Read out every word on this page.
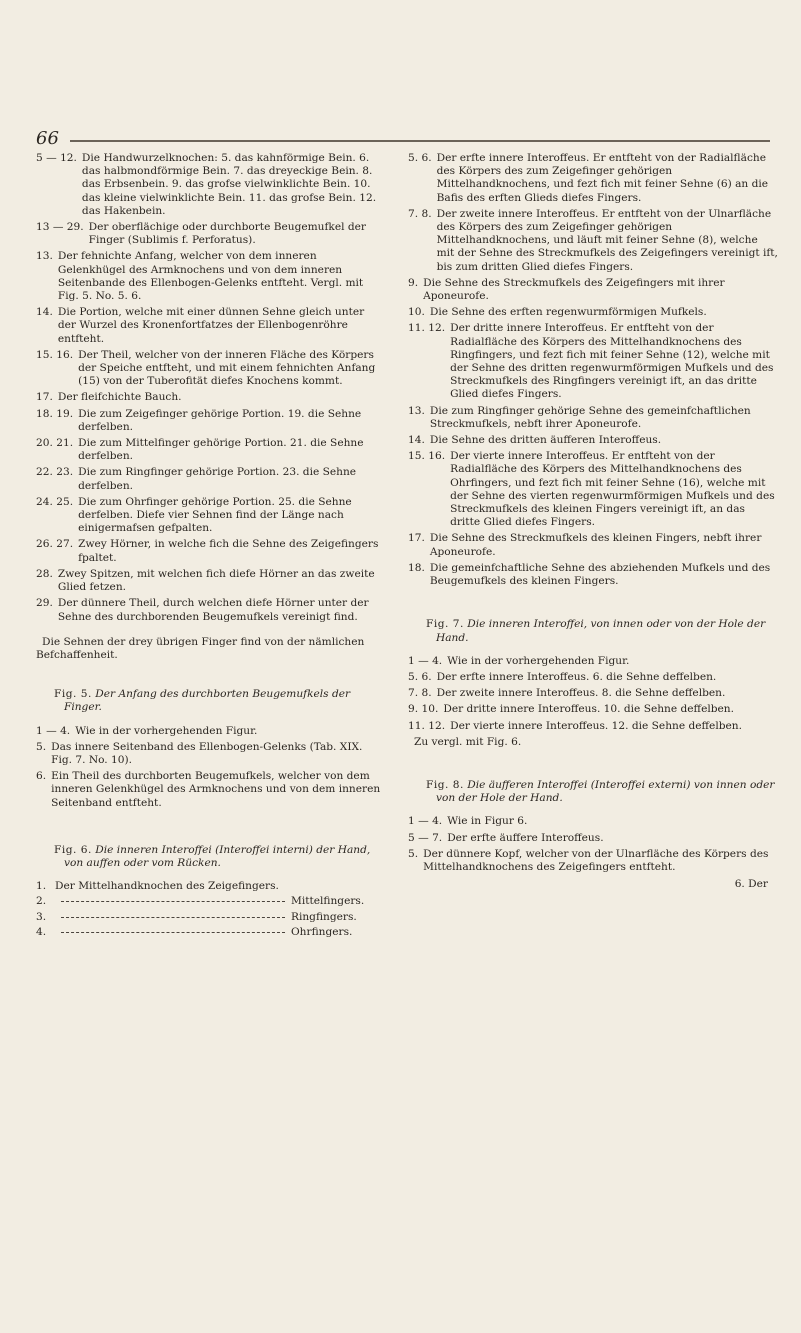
66
5 — 12. Die Handwurzelknochen: 5. das kahnförmige Bein. 6. das halbmondförmige Bein. 7. das dreyeckige Bein. 8. das Erbsenbein. 9. das grofse vielwinklichte Bein. 10. das kleine vielwinklichte Bein. 11. das grofse Bein. 12. das Hakenbein.
13 — 29. Der oberflächige oder durchborte Beugemufkel der Finger (Sublimis f. Perforatus).
13. Der fehnichte Anfang, welcher von dem inneren Gelenkhügel des Armknochens und von dem inneren Seitenbande des Ellenbogen-Gelenks entfteht. Vergl. mit Fig. 5. No. 5. 6.
14. Die Portion, welche mit einer dünnen Sehne gleich unter der Wurzel des Kronenfortfatzes der Ellenbogenröhre entfteht.
15. 16. Der Theil, welcher von der inneren Fläche des Körpers der Speiche entfteht, und mit einem fehnichten Anfang (15) von der Tuberofität diefes Knochens kommt.
17. Der fleifchichte Bauch.
18. 19. Die zum Zeigefinger gehörige Portion. 19. die Sehne derfelben.
20. 21. Die zum Mittelfinger gehörige Portion. 21. die Sehne derfelben.
22. 23. Die zum Ringfinger gehörige Portion. 23. die Sehne derfelben.
24. 25. Die zum Ohrfinger gehörige Portion. 25. die Sehne derfelben. Diefe vier Sehnen find der Länge nach einigermafsen gefpalten.
26. 27. Zwey Hörner, in welche fich die Sehne des Zeigefingers fpaltet.
28. Zwey Spitzen, mit welchen fich diefe Hörner an das zweite Glied fetzen.
29. Der dünnere Theil, durch welchen diefe Hörner unter der Sehne des durchborenden Beugemufkels vereinigt find.
Die Sehnen der drey übrigen Finger find von der nämlichen Befchaffenheit.
Fig. 5. Der Anfang des durchborten Beugemufkels der Finger.
1 — 4. Wie in der vorhergehenden Figur.
5. Das innere Seitenband des Ellenbogen-Gelenks (Tab. XIX. Fig. 7. No. 10).
6. Ein Theil des durchborten Beugemufkels, welcher von dem inneren Gelenkhügel des Armknochens und von dem inneren Seitenband entfteht.
Fig. 6. Die inneren Interoffei (Interoffei interni) der Hand, von auffen oder vom Rücken.
1. Der Mittelhandknochen des Zeigefingers.
2.	Mittelfingers.
3.	Ringfingers.
4.	Ohrfingers.
5. 6. Der erfte innere Interoffeus. Er entfteht von der Radialfläche des Körpers des zum Zeigefinger gehörigen Mittelhandknochens, und fezt fich mit feiner Sehne (6) an die Bafis des erften Glieds diefes Fingers.
7. 8. Der zweite innere Interoffeus. Er entfteht von der Ulnarfläche des Körpers des zum Zeigefinger gehörigen Mittelhandknochens, und läuft mit feiner Sehne (8), welche mit der Sehne des Streckmufkels des Zeigefingers vereinigt ift, bis zum dritten Glied diefes Fingers.
9. Die Sehne des Streckmufkels des Zeigefingers mit ihrer Aponeurofe.
10. Die Sehne des erften regenwurmförmigen Mufkels.
11. 12. Der dritte innere Interoffeus. Er entfteht von der Radialfläche des Körpers des Mittelhandknochens des Ringfingers, und fezt fich mit feiner Sehne (12), welche mit der Sehne des dritten regenwurmförmigen Mufkels und des Streckmufkels des Ringfingers vereinigt ift, an das dritte Glied diefes Fingers.
13. Die zum Ringfinger gehörige Sehne des gemeinfchaftlichen Streckmufkels, nebft ihrer Aponeurofe.
14. Die Sehne des dritten äufferen Interoffeus.
15. 16. Der vierte innere Interoffeus. Er entfteht von der Radialfläche des Körpers des Mittelhandknochens des Ohrfingers, und fezt fich mit feiner Sehne (16), welche mit der Sehne des vierten regenwurmförmigen Mufkels und des Streckmufkels des kleinen Fingers vereinigt ift, an das dritte Glied diefes Fingers.
17. Die Sehne des Streckmufkels des kleinen Fingers, nebft ihrer Aponeurofe.
18. Die gemeinfchaftliche Sehne des abziehenden Mufkels und des Beugemufkels des kleinen Fingers.
Fig. 7. Die inneren Interoffei, von innen oder von der Hole der Hand.
1 — 4. Wie in der vorhergehenden Figur.
5. 6. Der erfte innere Interoffeus. 6. die Sehne deffelben.
7. 8. Der zweite innere Interoffeus. 8. die Sehne deffelben.
9. 10. Der dritte innere Interoffeus. 10. die Sehne deffelben.
11. 12. Der vierte innere Interoffeus. 12. die Sehne deffelben.
Zu vergl. mit Fig. 6.
Fig. 8. Die äufferen Interoffei (Interoffei externi) von innen oder von der Hole der Hand.
1 — 4. Wie in Figur 6.
5 — 7. Der erfte äuffere Interoffeus.
5. Der dünnere Kopf, welcher von der Ulnarfläche des Körpers des Mittelhandknochens des Zeigefingers entfteht.
6. Der
